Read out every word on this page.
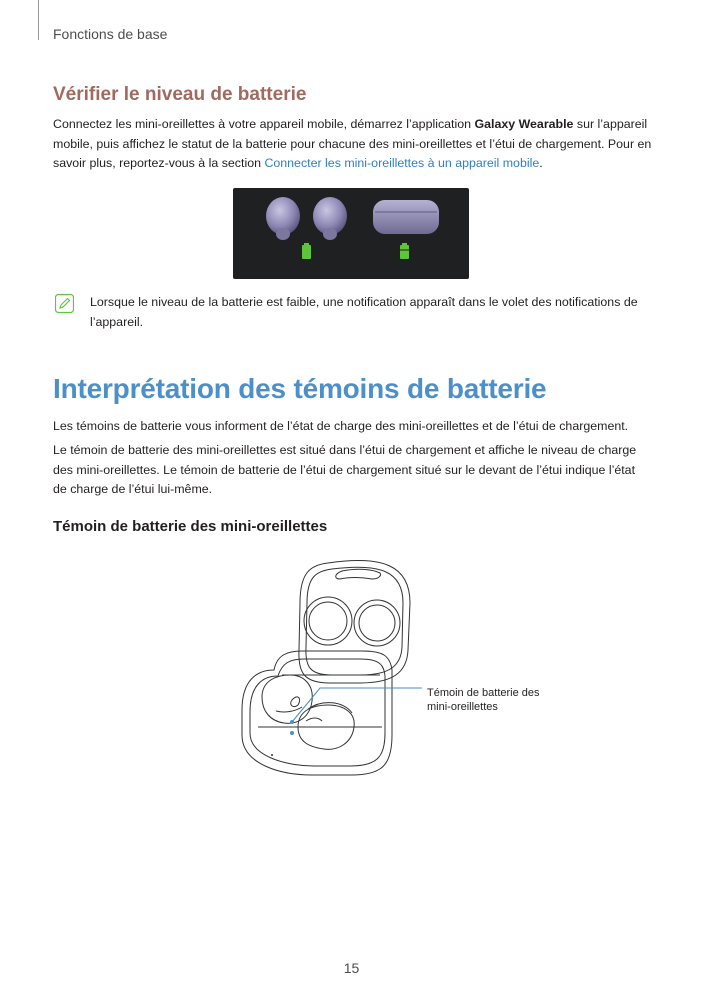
Fonctions de base
Vérifier le niveau de batterie

Connectez les mini-oreillettes à votre appareil mobile, démarrez l’application Galaxy Wearable sur l’appareil mobile, puis affichez le statut de la batterie pour chacune des mini-oreillettes et l’étui de chargement. Pour en savoir plus, reportez-vous à la section Connecter les mini-oreillettes à un appareil mobile.

Lorsque le niveau de la batterie est faible, une notification apparaît dans le volet des notifications de l’appareil.

Interprétation des témoins de batterie

Les témoins de batterie vous informent de l’état de charge des mini-oreillettes et de l’étui de chargement.

Le témoin de batterie des mini-oreillettes est situé dans l’étui de chargement et affiche le niveau de charge des mini-oreillettes. Le témoin de batterie de l’étui de chargement situé sur le devant de l’étui indique l’état de charge de l’étui lui-même.

Témoin de batterie des mini-oreillettes
Témoin de batterie des mini-oreillettes
15
